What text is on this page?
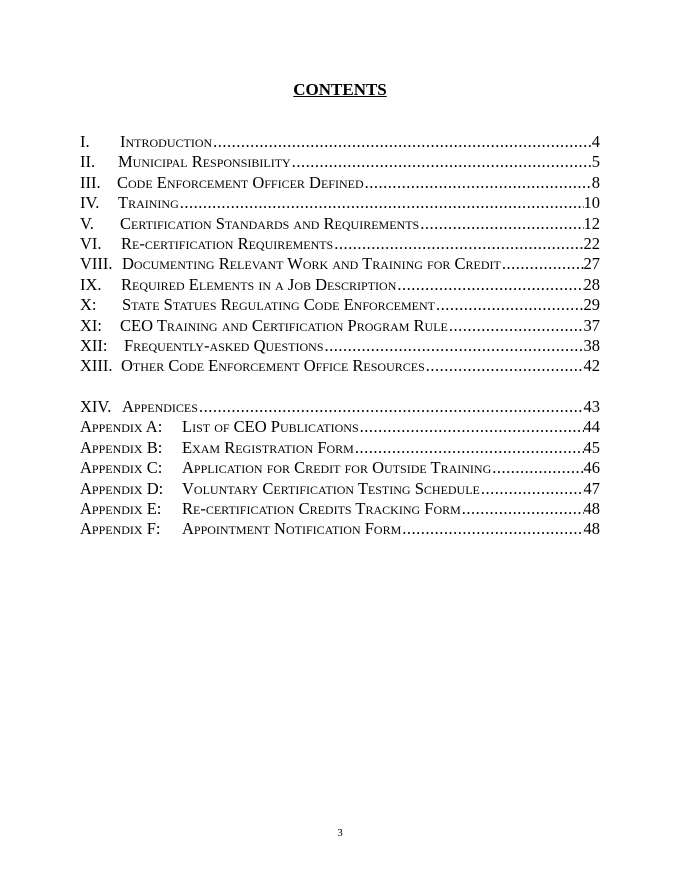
CONTENTS
I.	Introduction .....	4
II.	Municipal Responsibility .....	5
III. Code Enforcement Officer Defined .....	8
IV.	Training .....	10
V.	Certification Standards and Requirements .....	12
VI.	Re-certification Requirements .....	22
VIII. Documenting Relevant Work and Training for Credit .....	27
IX.	Required Elements in a Job Description .....	28
X:	State Statues Regulating Code Enforcement .....	29
XI:	CEO Training and Certification Program Rule .....	37
XII:	Frequently-asked Questions .....	38
XIII. Other Code Enforcement Office Resources .....	42
XIV. Appendices .....	43
Appendix A:	List of CEO Publications .....	44
Appendix B:	Exam Registration Form .....	45
Appendix C:	Application for Credit for Outside Training .....	46
Appendix D:	Voluntary Certification Testing Schedule .....	47
Appendix E:	Re-certification Credits Tracking Form .....	48
Appendix F:	Appointment Notification Form .....	48
3
